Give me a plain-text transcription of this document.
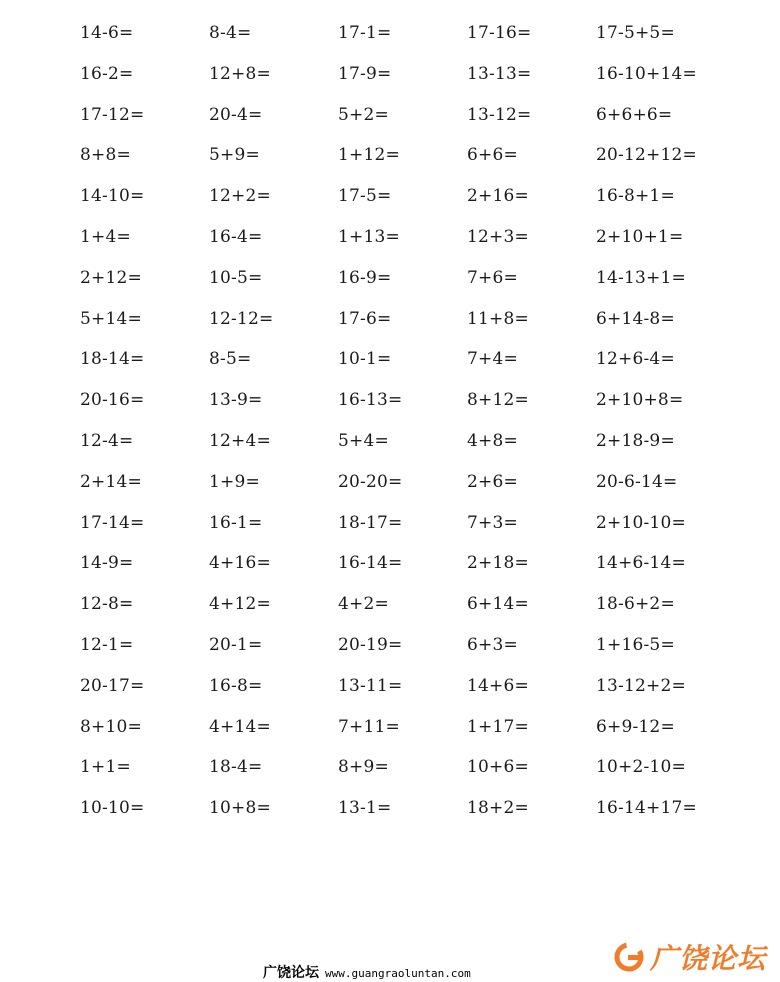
14-6=	8-4=	17-1=	17-16=	17-5+5=
16-2=	12+8=	17-9=	13-13=	16-10+14=
17-12=	20-4=	5+2=	13-12=	6+6+6=
8+8=	5+9=	1+12=	6+6=	20-12+12=
14-10=	12+2=	17-5=	2+16=	16-8+1=
1+4=	16-4=	1+13=	12+3=	2+10+1=
2+12=	10-5=	16-9=	7+6=	14-13+1=
5+14=	12-12=	17-6=	11+8=	6+14-8=
18-14=	8-5=	10-1=	7+4=	12+6-4=
20-16=	13-9=	16-13=	8+12=	2+10+8=
12-4=	12+4=	5+4=	4+8=	2+18-9=
2+14=	1+9=	20-20=	2+6=	20-6-14=
17-14=	16-1=	18-17=	7+3=	2+10-10=
14-9=	4+16=	16-14=	2+18=	14+6-14=
12-8=	4+12=	4+2=	6+14=	18-6+2=
12-1=	20-1=	20-19=	6+3=	1+16-5=
20-17=	16-8=	13-11=	14+6=	13-12+2=
8+10=	4+14=	7+11=	1+17=	6+9-12=
1+1=	18-4=	8+9=	10+6=	10+2-10=
10-10=	10+8=	13-1=	18+2=	16-14+17=
广饶论坛 www.guangraoluntan.com	广饶论坛
